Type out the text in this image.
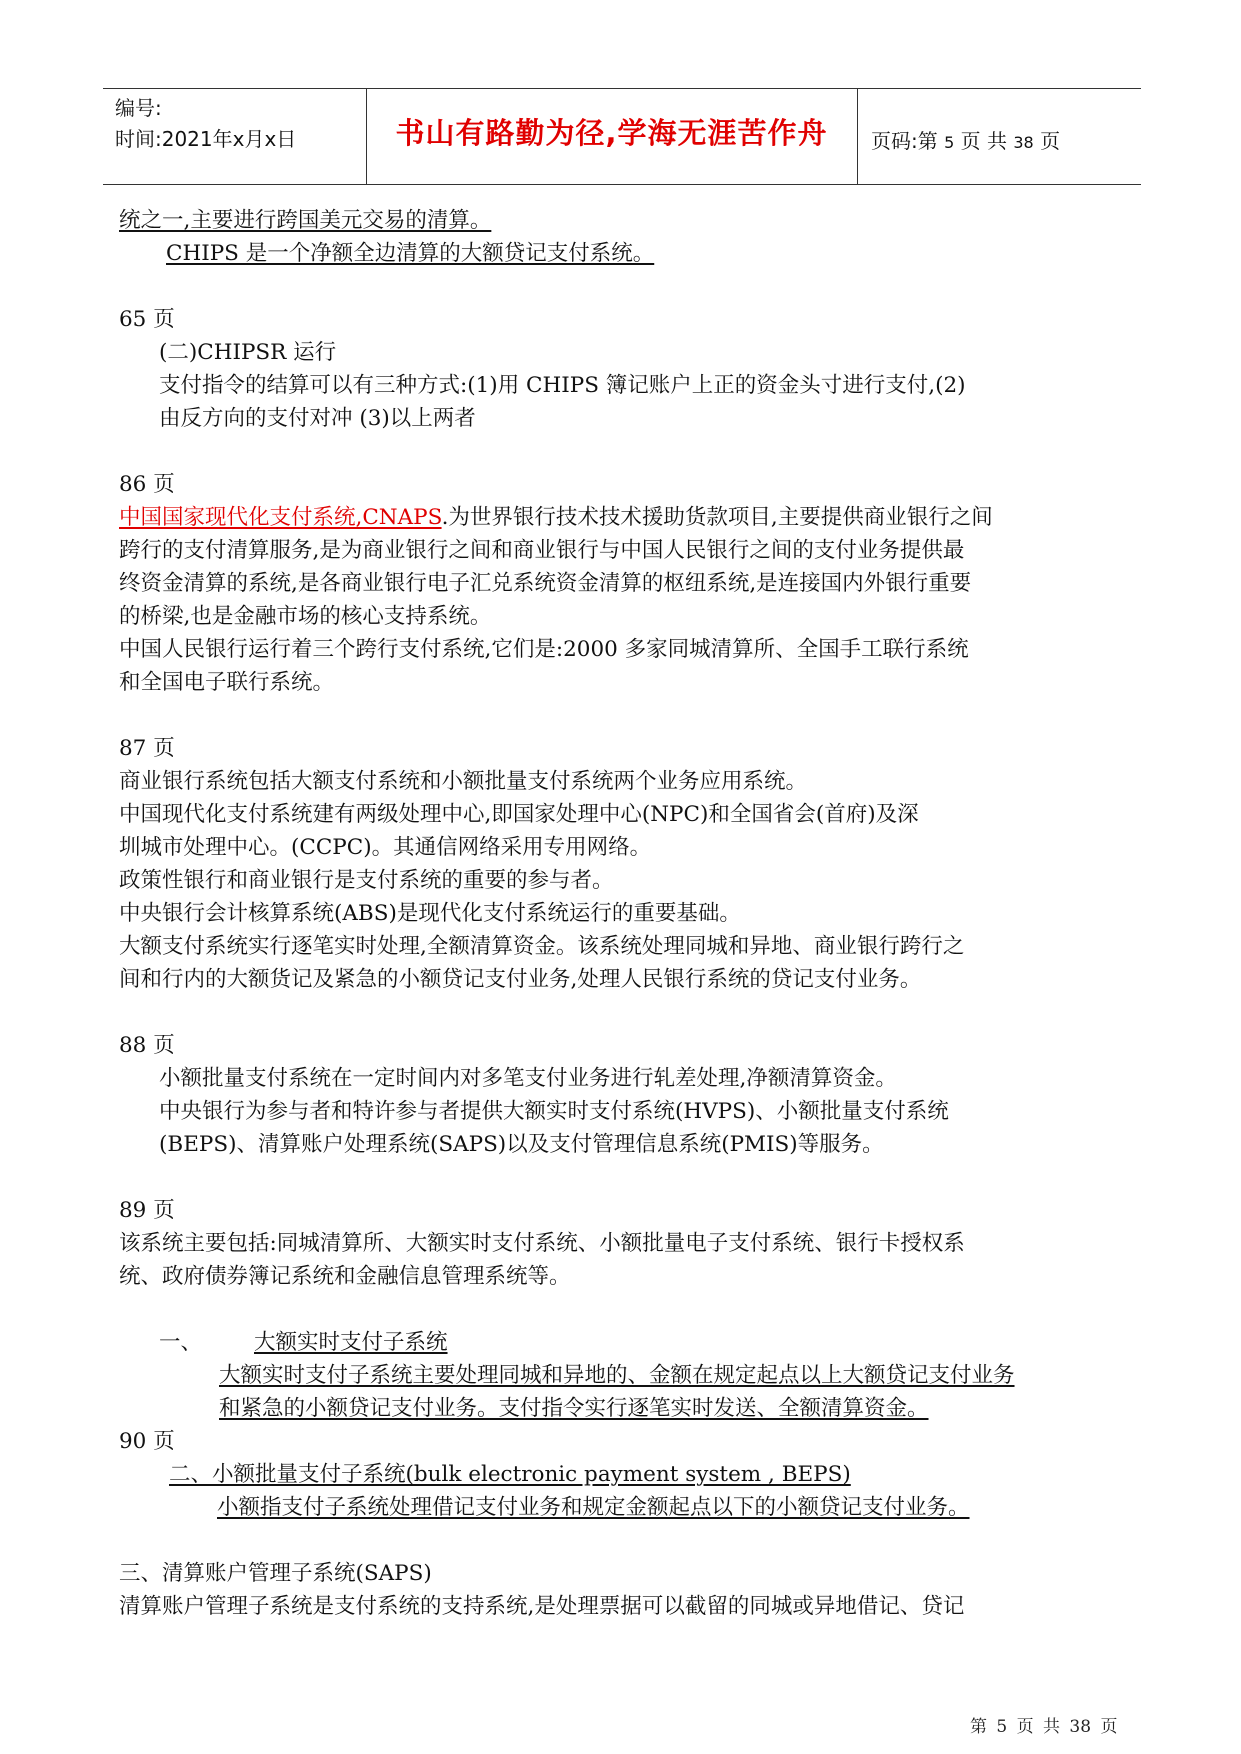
编号:
时间:2021年x月x日	书山有路勤为径,学海无涯苦作舟	页码:第 5 页 共 38 页
统之一,主要进行跨国美元交易的清算。
CHIPS 是一个净额全边清算的大额贷记支付系统。
65 页
(二)CHIPSR 运行
支付指令的结算可以有三种方式:(1)用 CHIPS 簿记账户上正的资金头寸进行支付,(2)
由反方向的支付对冲 (3)以上两者
86 页
中国国家现代化支付系统,CNAPS.为世界银行技术技术援助货款项目,主要提供商业银行之间
跨行的支付清算服务,是为商业银行之间和商业银行与中国人民银行之间的支付业务提供最
终资金清算的系统,是各商业银行电子汇兑系统资金清算的枢纽系统,是连接国内外银行重要
的桥梁,也是金融市场的核心支持系统。
中国人民银行运行着三个跨行支付系统,它们是:2000 多家同城清算所、全国手工联行系统
和全国电子联行系统。
87 页
商业银行系统包括大额支付系统和小额批量支付系统两个业务应用系统。
中国现代化支付系统建有两级处理中心,即国家处理中心(NPC)和全国省会(首府)及深
圳城市处理中心。(CCPC)。其通信网络采用专用网络。
政策性银行和商业银行是支付系统的重要的参与者。
中央银行会计核算系统(ABS)是现代化支付系统运行的重要基础。
大额支付系统实行逐笔实时处理,全额清算资金。该系统处理同城和异地、商业银行跨行之
间和行内的大额货记及紧急的小额贷记支付业务,处理人民银行系统的贷记支付业务。
88 页
小额批量支付系统在一定时间内对多笔支付业务进行轧差处理,净额清算资金。
中央银行为参与者和特许参与者提供大额实时支付系统(HVPS)、小额批量支付系统
(BEPS)、清算账户处理系统(SAPS)以及支付管理信息系统(PMIS)等服务。
89 页
该系统主要包括:同城清算所、大额实时支付系统、小额批量电子支付系统、银行卡授权系
统、政府债券簿记系统和金融信息管理系统等。
一、 大额实时支付子系统
大额实时支付子系统主要处理同城和异地的、金额在规定起点以上大额贷记支付业务
和紧急的小额贷记支付业务。支付指令实行逐笔实时发送、全额清算资金。
90 页
二、小额批量支付子系统(bulk electronic payment system , BEPS)
小额指支付子系统处理借记支付业务和规定金额起点以下的小额贷记支付业务。
三、清算账户管理子系统(SAPS)
清算账户管理子系统是支付系统的支持系统,是处理票据可以截留的同城或异地借记、贷记
第 5 页 共 38 页
